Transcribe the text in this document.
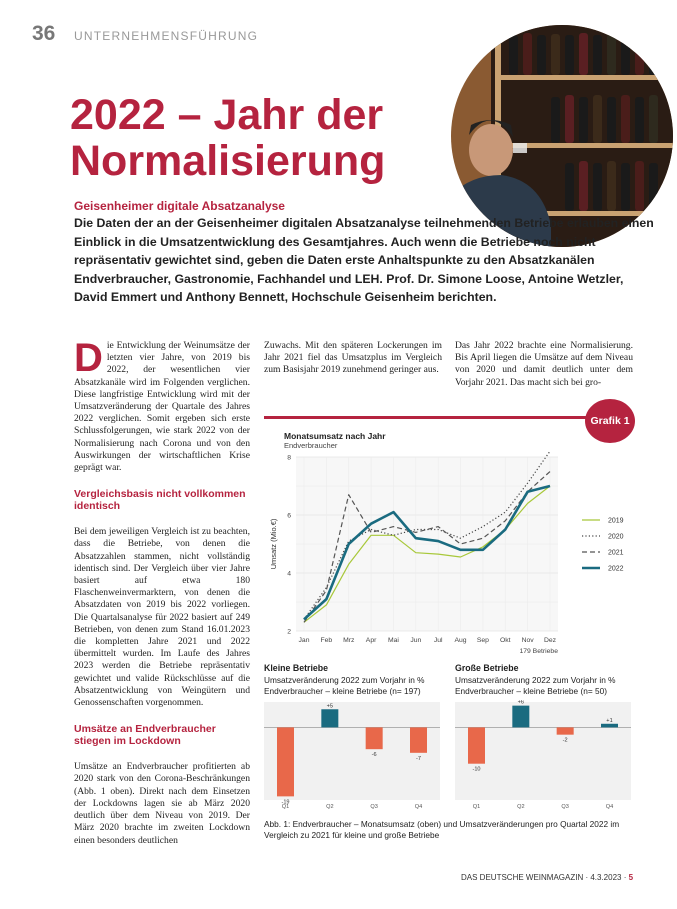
36 UNTERNEHMENSFÜHRUNG
2022 – Jahr der
Normalisierung
Geisenheimer digitale Absatzanalyse
Die Daten der an der Geisenheimer digitalen Absatzanalyse teilnehmenden Betriebe erlauben einen Einblick in die Umsatzentwicklung des Gesamtjahres. Auch wenn die Betriebe noch nicht repräsentativ gewichtet sind, geben die Daten erste Anhaltspunkte zu den Absatzkanälen Endverbraucher, Gastronomie, Fachhandel und LEH. Prof. Dr. Simone Loose, Antoine Wetzler, David Emmert und Anthony Bennett, Hochschule Geisenheim berichten.

Die Entwicklung der Weinumsätze der letzten vier Jahre, von 2019 bis 2022, der wesentlichen vier Absatzkanäle wird im Folgenden verglichen. Diese langfristige Entwicklung wird mit der Umsatzveränderung der Quartale des Jahres 2022 verglichen. Somit ergeben sich erste Schlussfolgerungen, wie stark 2022 von der Normalisierung nach Corona und von den Auswirkungen der wirtschaftlichen Krise geprägt war.

Vergleichsbasis nicht vollkommen identisch

Bei dem jeweiligen Vergleich ist zu beachten, dass die Betriebe, von denen die Absatzzahlen stammen, nicht vollständig identisch sind. Der Vergleich über vier Jahre basiert auf etwa 180 Flaschenweinvermarktern, von denen die Absatzdaten von 2019 bis 2022 vorliegen. Die Quartalsanalyse für 2022 basiert auf 249 Betrieben, von denen zum Stand 16.01.2023 die kompletten Jahre 2021 und 2022 übermittelt wurden. Im Laufe des Jahres 2023 werden die Betriebe repräsentativ gewichtet und valide Rückschlüsse auf die Absatzentwicklung von Weingütern und Genossenschaften vorgenommen.

Umsätze an Endverbraucher stiegen im Lockdown

Umsätze an Endverbraucher profitierten ab 2020 stark von den Corona-Beschränkungen (Abb. 1 oben). Direkt nach dem Einsetzen der Lockdowns lagen sie ab März 2020 deutlich über dem Niveau von 2019. Der März 2020 brachte im zweiten Lockdown einen besonders deutlichen

Zuwachs. Mit den späteren Lockerungen im Jahr 2021 fiel das Umsatzplus im Vergleich zum Basisjahr 2019 zunehmend geringer aus.

Das Jahr 2022 brachte eine Normalisierung. Bis April liegen die Umsätze auf dem Niveau von 2020 und damit deutlich unter dem Vorjahr 2021. Das macht sich bei gro-

Grafik 1
Monatsumsatz nach Jahr
Endverbraucher
Jan Feb Mrz Apr Mai Jun Jul Aug Sep Okt Nov Dez
2
4
6
8
Umsatz (Mio.€)
179 Betriebe
2019
2020
2021
2022
Kleine Betriebe
Umsatzveränderung 2022 zum Vorjahr in %
Endverbraucher – kleine Betriebe (n= 197)
-19
Q1
+5
Q2
-6
Q3
-7
Q4
Große Betriebe
Umsatzveränderung 2022 zum Vorjahr in %
Endverbraucher – kleine Betriebe (n= 50)
-10
Q1
+6
Q2
-2
Q3
+1
Q4
Abb. 1: Endverbraucher – Monatsumsatz (oben) und Umsatzveränderungen pro Quartal 2022 im Vergleich zu 2021 für kleine und große Betriebe
DAS DEUTSCHE WEINMAGAZIN · 4.3.2023 · 5
